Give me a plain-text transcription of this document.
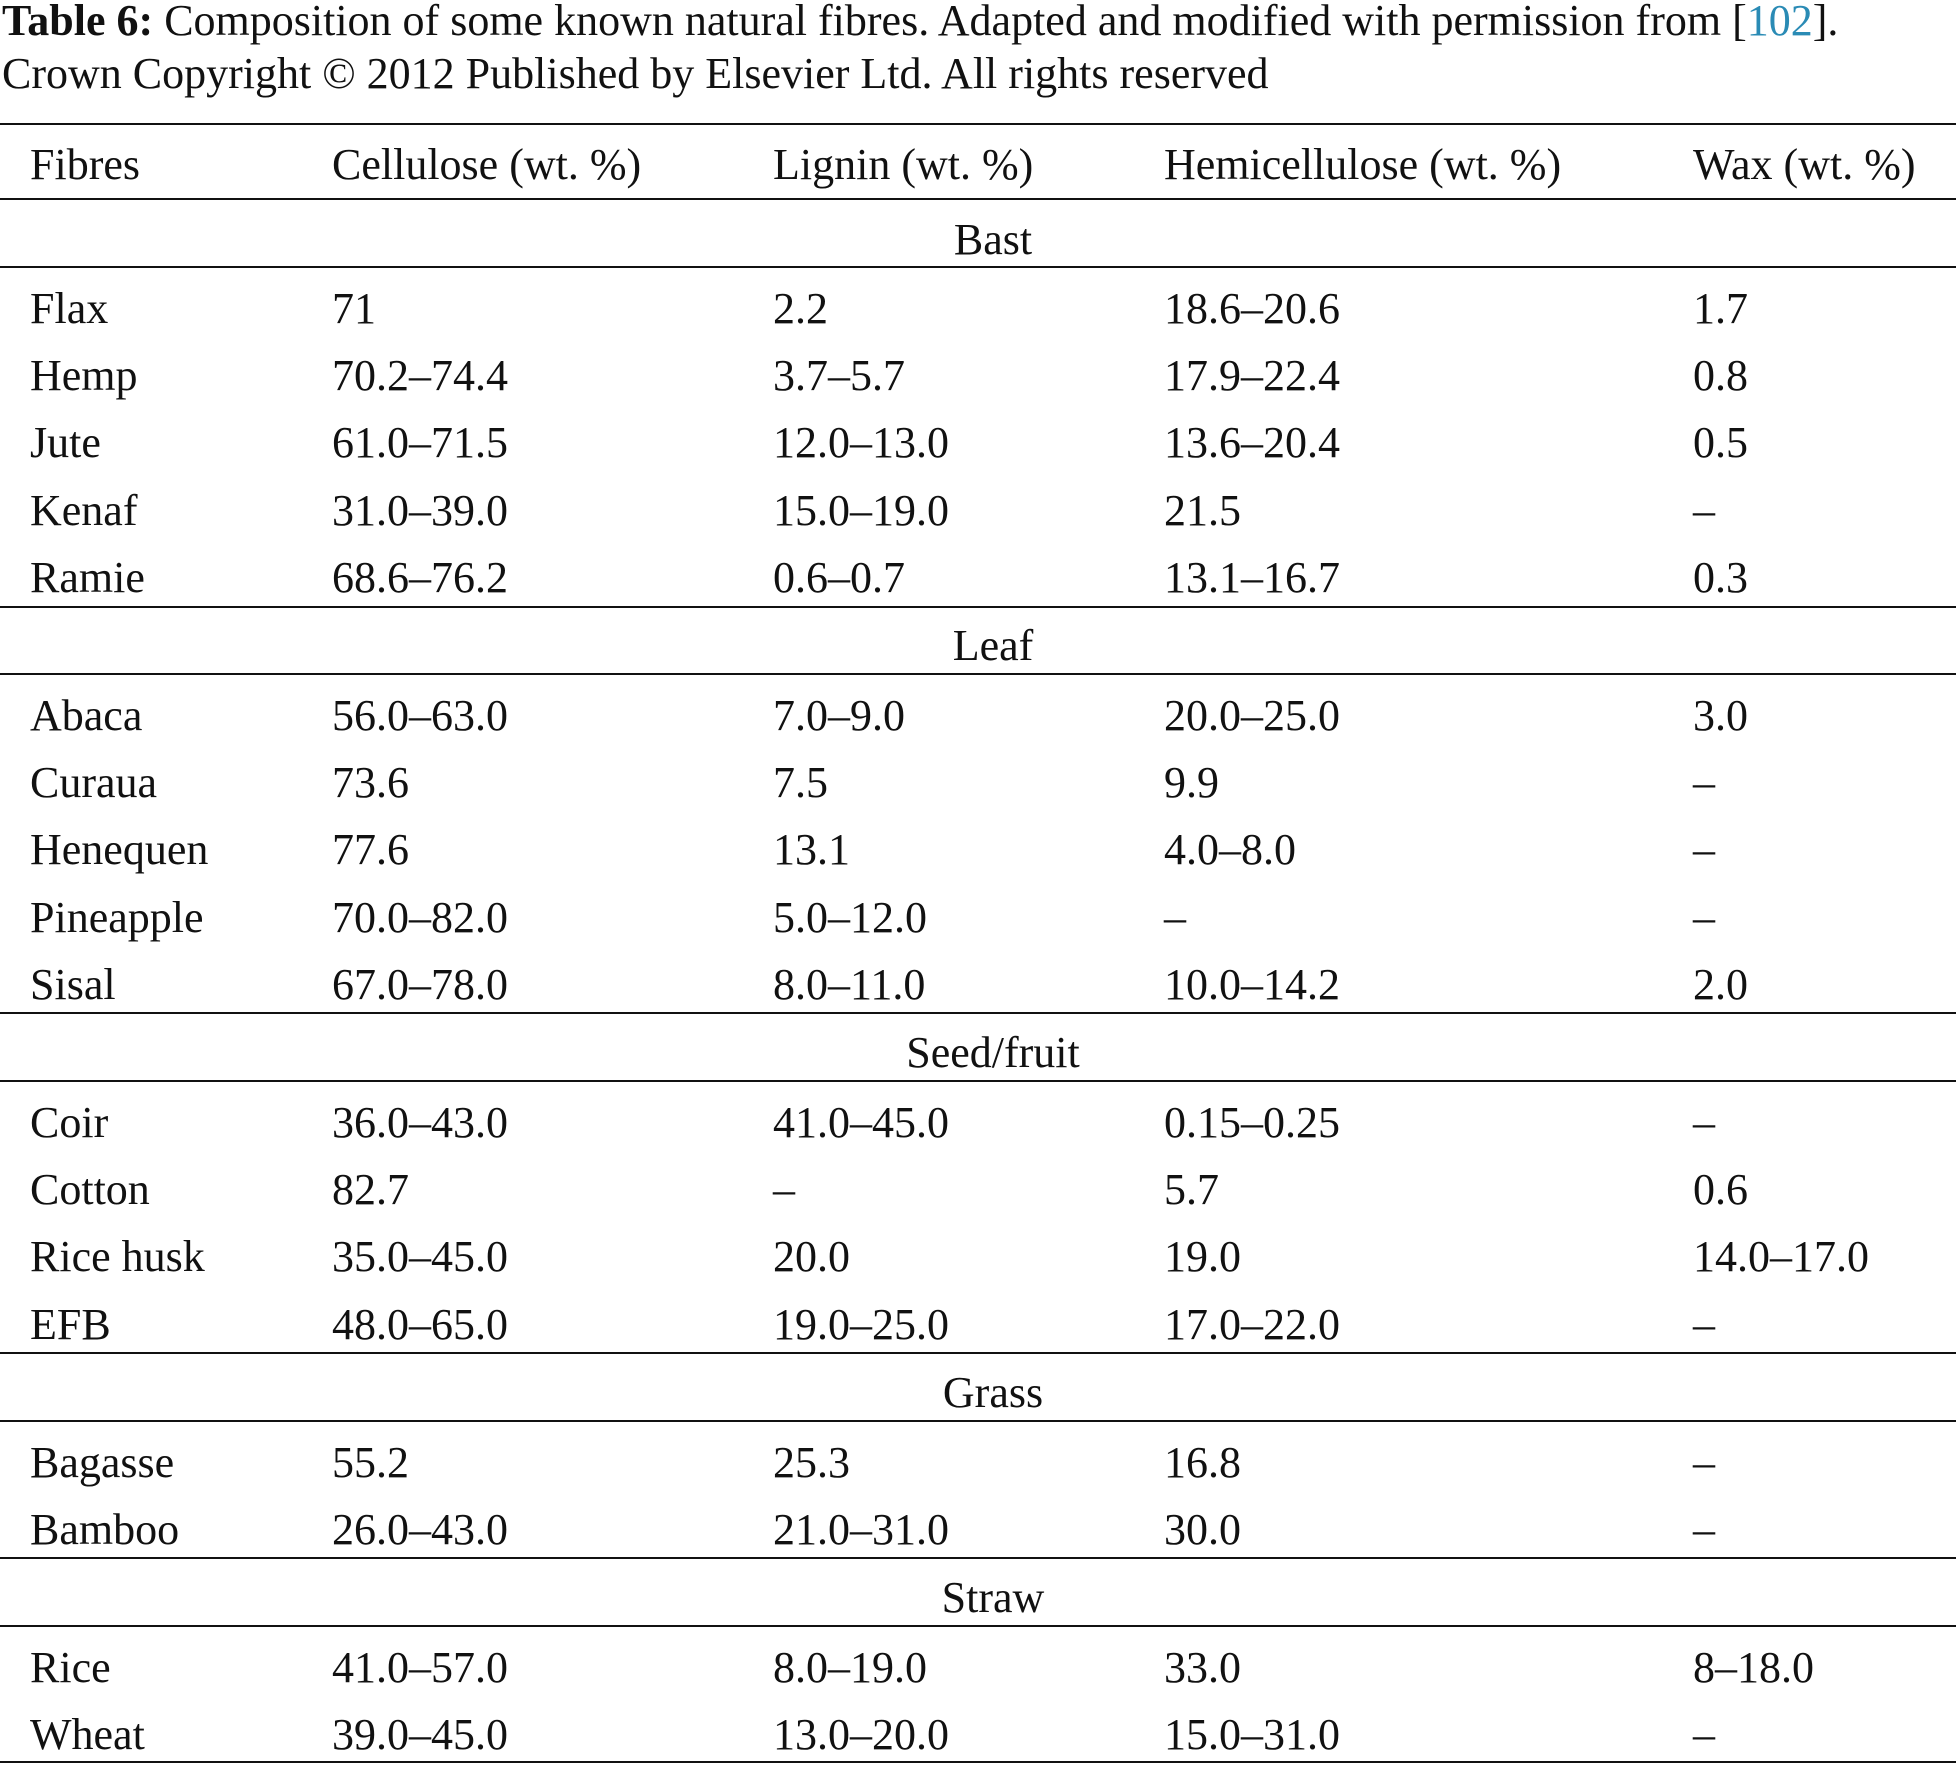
Table 6: Composition of some known natural fibres. Adapted and modified with permission from [102].
Crown Copyright © 2012 Published by Elsevier Ltd. All rights reserved
Fibres	Cellulose (wt. %)	Lignin (wt. %)	Hemicellulose (wt. %)	Wax (wt. %)
Bast
Flax	71	2.2	18.6–20.6	1.7
Hemp	70.2–74.4	3.7–5.7	17.9–22.4	0.8
Jute	61.0–71.5	12.0–13.0	13.6–20.4	0.5
Kenaf	31.0–39.0	15.0–19.0	21.5	–
Ramie	68.6–76.2	0.6–0.7	13.1–16.7	0.3
Leaf
Abaca	56.0–63.0	7.0–9.0	20.0–25.0	3.0
Curaua	73.6	7.5	9.9	–
Henequen	77.6	13.1	4.0–8.0	–
Pineapple	70.0–82.0	5.0–12.0	–	–
Sisal	67.0–78.0	8.0–11.0	10.0–14.2	2.0
Seed/fruit
Coir	36.0–43.0	41.0–45.0	0.15–0.25	–
Cotton	82.7	–	5.7	0.6
Rice husk	35.0–45.0	20.0	19.0	14.0–17.0
EFB	48.0–65.0	19.0–25.0	17.0–22.0	–
Grass
Bagasse	55.2	25.3	16.8	–
Bamboo	26.0–43.0	21.0–31.0	30.0	–
Straw
Rice	41.0–57.0	8.0–19.0	33.0	8–18.0
Wheat	39.0–45.0	13.0–20.0	15.0–31.0	–
